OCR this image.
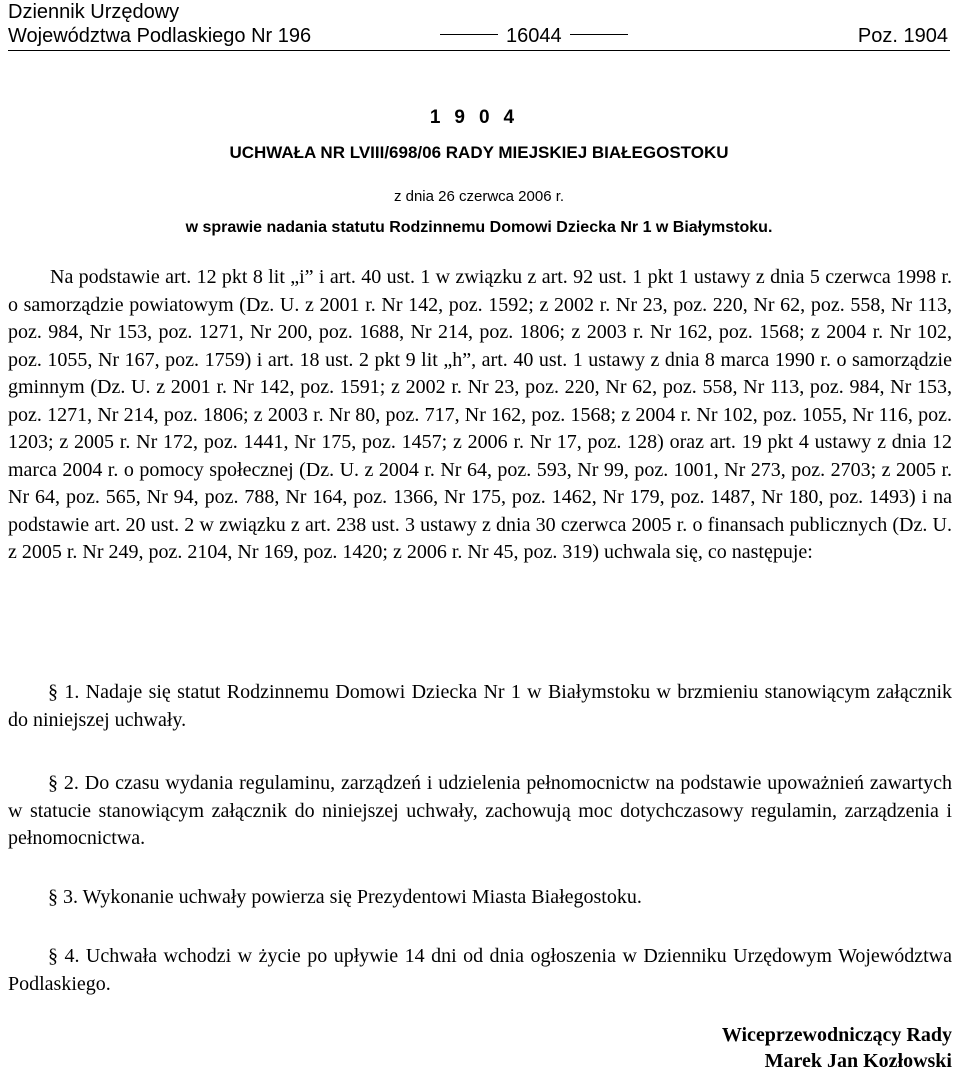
Dziennik Urzędowy
Województwa Podlaskiego Nr 196	16044	Poz. 1904
1904
UCHWAŁA NR LVIII/698/06 RADY MIEJSKIEJ BIAŁEGOSTOKU
z dnia 26 czerwca 2006 r.
w sprawie nadania statutu Rodzinnemu Domowi Dziecka Nr 1 w Białymstoku.
Na podstawie art. 12 pkt 8 lit „i” i art. 40 ust. 1 w związku z art. 92 ust. 1 pkt 1 ustawy z dnia 5 czerwca 1998 r. o samorządzie powiatowym (Dz. U. z 2001 r. Nr 142, poz. 1592; z 2002 r. Nr 23, poz. 220, Nr 62, poz. 558, Nr 113, poz. 984, Nr 153, poz. 1271, Nr 200, poz. 1688, Nr 214, poz. 1806; z 2003 r. Nr 162, poz. 1568; z 2004 r. Nr 102, poz. 1055, Nr 167, poz. 1759) i art. 18 ust. 2 pkt 9 lit „h”, art. 40 ust. 1 ustawy z dnia 8 marca 1990 r. o samorządzie gminnym (Dz. U. z 2001 r. Nr 142, poz. 1591; z 2002 r. Nr 23, poz. 220, Nr 62, poz. 558, Nr 113, poz. 984, Nr 153, poz. 1271, Nr 214, poz. 1806; z 2003 r. Nr 80, poz. 717, Nr 162, poz. 1568; z 2004 r. Nr 102, poz. 1055, Nr 116, poz. 1203; z 2005 r. Nr 172, poz. 1441, Nr 175, poz. 1457; z 2006 r. Nr 17, poz. 128) oraz art. 19 pkt 4 ustawy z dnia 12 marca 2004 r. o pomocy społecznej (Dz. U. z 2004 r. Nr 64, poz. 593, Nr 99, poz. 1001, Nr 273, poz. 2703; z 2005 r. Nr 64, poz. 565, Nr 94, poz. 788, Nr 164, poz. 1366, Nr 175, poz. 1462, Nr 179, poz. 1487, Nr 180, poz. 1493) i na podstawie art. 20 ust. 2 w związku z art. 238 ust. 3 ustawy z dnia 30 czerwca 2005 r. o finansach publicznych (Dz. U. z 2005 r. Nr 249, poz. 2104, Nr 169, poz. 1420; z 2006 r. Nr 45, poz. 319) uchwala się, co następuje:

§ 1. Nadaje się statut Rodzinnemu Domowi Dziecka Nr 1 w Białymstoku w brzmieniu stanowiącym załącznik do niniejszej uchwały.

§ 2. Do czasu wydania regulaminu, zarządzeń i udzielenia pełnomocnictw na podstawie upoważnień zawartych w statucie stanowiącym załącznik do niniejszej uchwały, zachowują moc dotychczasowy regulamin, zarządzenia i pełnomocnictwa.

§ 3. Wykonanie uchwały powierza się Prezydentowi Miasta Białegostoku.

§ 4. Uchwała wchodzi w życie po upływie 14 dni od dnia ogłoszenia w Dzienniku Urzędowym Województwa Podlaskiego.

Wiceprzewodniczący Rady
Marek Jan Kozłowski
